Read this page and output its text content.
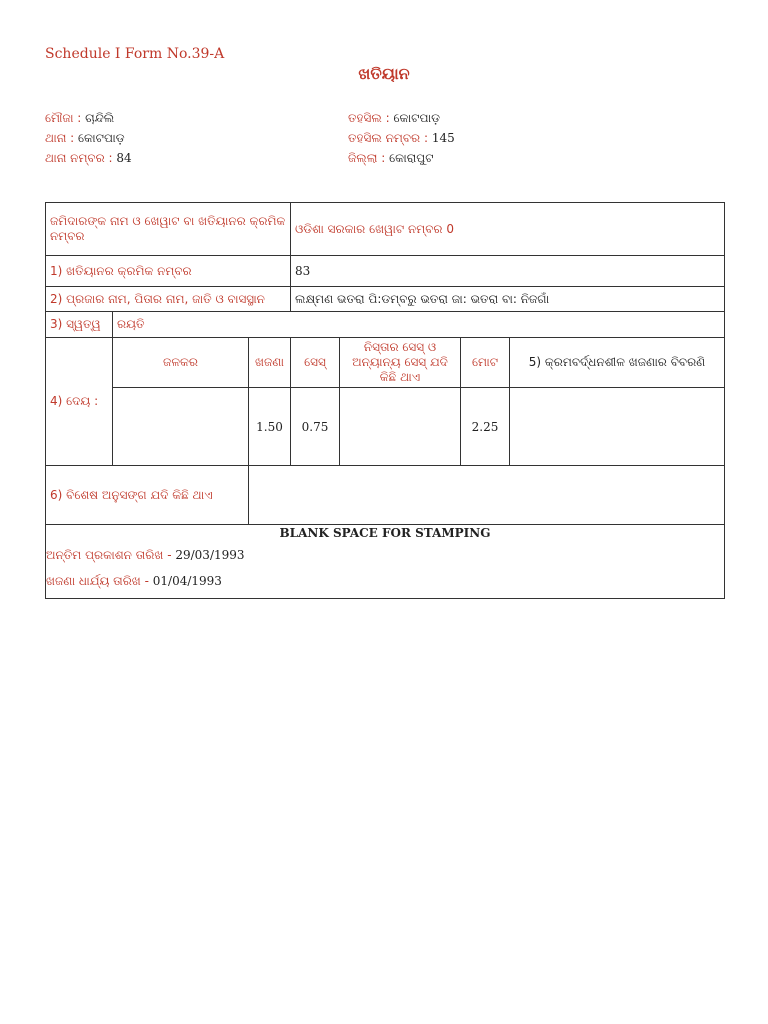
Schedule I Form No.39-A
ଖତିୟାନ
ମୌଜା : ଚାନ୍ଦିଲି
ଥାନା : କୋଟପାଡ଼
ଥାନା ନମ୍ବର : 84
ତହସିଲ : କୋଟପାଡ଼
ତହସିଲ ନମ୍ବର : 145
ଜିଲ୍ଲା : କୋରାପୁଟ
ଜମିଦାରଙ୍କ ନାମ ଓ ଖେୱାଟ ବା ଖତିୟାନର କ୍ରମିକ ନମ୍ବର			ଓଡିଶା ସରକାର ଖେୱାଟ ନମ୍ବର 0			
1) ଖତିୟାନର କ୍ରମିକ ନମ୍ବର			83			
2) ପ୍ରଜାର ନାମ, ପିତାର ନାମ, ଜାତି ଓ ବାସସ୍ଥାନ			ଲକ୍ଷ୍ମଣ ଭତରା ପି:ଡମ୍ବରୁ ଭତରା ଜା: ଭତରା ବା: ନିଜଗାଁ			
3) ସ୍ୱତ୍ୱ	ରୟତି					
4) ଦେୟ :	ଜଳକର	ଖଜଣା	ସେସ୍	ନିସ୍ତାର ସେସ୍ ଓ ଅନ୍ୟାନ୍ୟ ସେସ୍ ଯଦି କିଛି ଥାଏ	ମୋଟ	5) କ୍ରମବର୍ଦ୍ଧନଶୀଳ ଖଜଣାର ବିବରଣି
		1.50	0.75		2.25	
6) ବିଶେଷ ଅନୁସଙ୍ଗ ଯଦି କିଛି ଥାଏ						

BLANK SPACE FOR STAMPING
ଅନ୍ତିମ ପ୍ରକାଶନ ତାରିଖ - 29/03/1993
ଖଜଣା ଧାର୍ଯ୍ୟ ତାରିଖ - 01/04/1993						
